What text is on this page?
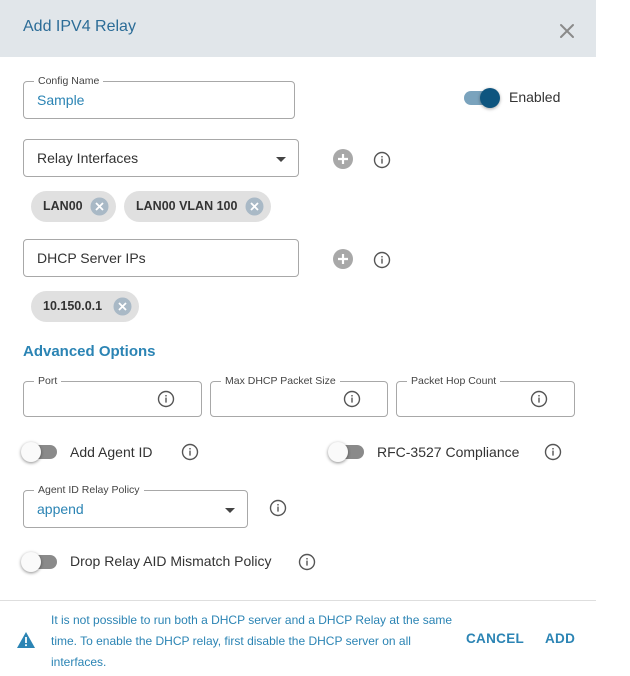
Add IPV4 Relay
Config Name
Sample	Enabled
Relay Interfaces
LAN00	LAN00 VLAN 100
DHCP Server IPs
10.150.0.1
Advanced Options
Port	Max DHCP Packet Size	Packet Hop Count
Add Agent ID	RFC-3527 Compliance
Agent ID Relay Policy
append
Drop Relay AID Mismatch Policy
It is not possible to run both a DHCP server and a DHCP Relay at the same time. To enable the DHCP relay, first disable the DHCP server on all interfaces.
CANCEL ADD
